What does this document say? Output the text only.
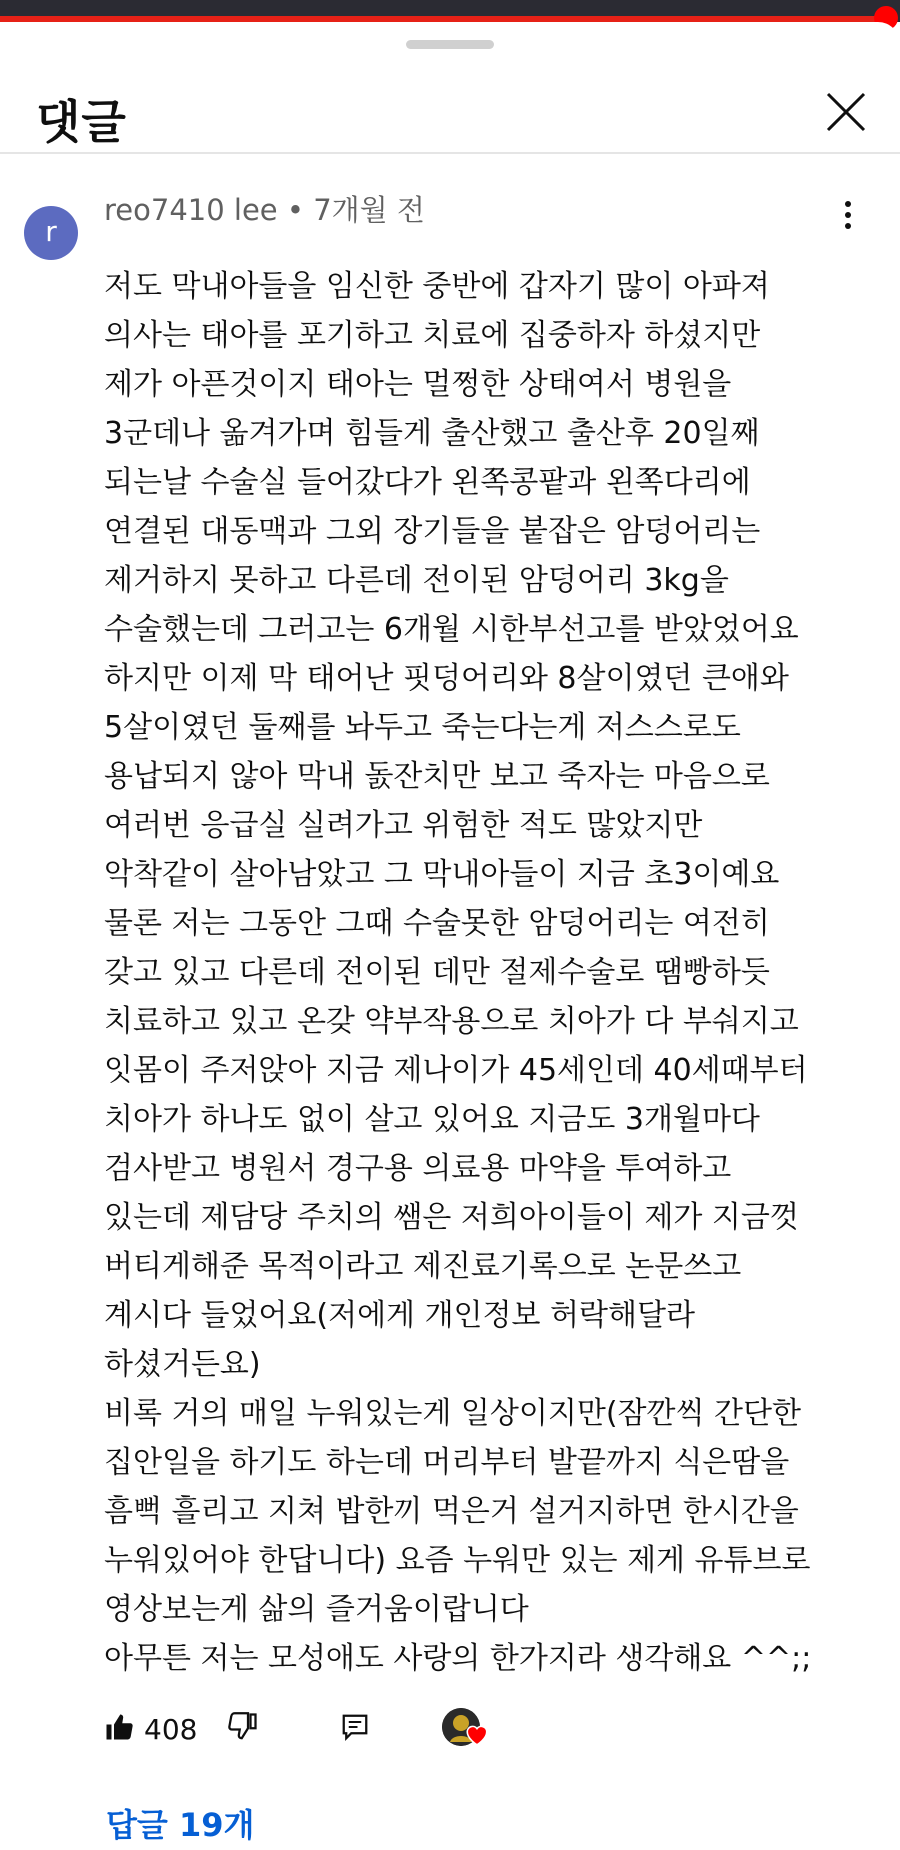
댓글
r
reo7410 lee • 7개월 전
저도 막내아들을 임신한 중반에 갑자기 많이 아파져
의사는 태아를 포기하고 치료에 집중하자 하셨지만
제가 아픈것이지 태아는 멀쩡한 상태여서 병원을
3군데나 옮겨가며 힘들게 출산했고 출산후 20일째
되는날 수술실 들어갔다가 왼쪽콩팥과 왼쪽다리에
연결된 대동맥과 그외 장기들을 붙잡은 암덩어리는
제거하지 못하고 다른데 전이된 암덩어리 3kg을
수술했는데 그러고는 6개월 시한부선고를 받았었어요
하지만 이제 막 태어난 핏덩어리와 8살이였던 큰애와
5살이였던 둘째를 놔두고 죽는다는게 저스스로도
용납되지 않아 막내 돐잔치만 보고 죽자는 마음으로
여러번 응급실 실려가고 위험한 적도 많았지만
악착같이 살아남았고 그 막내아들이 지금 초3이예요
물론 저는 그동안 그때 수술못한 암덩어리는 여전히
갖고 있고 다른데 전이된 데만 절제수술로 땜빵하듯
치료하고 있고 온갖 약부작용으로 치아가 다 부숴지고
잇몸이 주저앉아 지금 제나이가 45세인데 40세때부터
치아가 하나도 없이 살고 있어요 지금도 3개월마다
검사받고 병원서 경구용 의료용 마약을 투여하고
있는데 제담당 주치의 쌤은 저희아이들이 제가 지금껏
버티게해준 목적이라고 제진료기록으로 논문쓰고
계시다 들었어요(저에게 개인정보 허락해달라
하셨거든요)
비록 거의 매일 누워있는게 일상이지만(잠깐씩 간단한
집안일을 하기도 하는데 머리부터 발끝까지 식은땀을
흠뻑 흘리고 지쳐 밥한끼 먹은거 설거지하면 한시간을
누워있어야 한답니다) 요즘 누워만 있는 제게 유튜브로
영상보는게 삶의 즐거움이랍니다
아무튼 저는 모성애도 사랑의 한가지라 생각해요 ^^;;
408
답글 19개
